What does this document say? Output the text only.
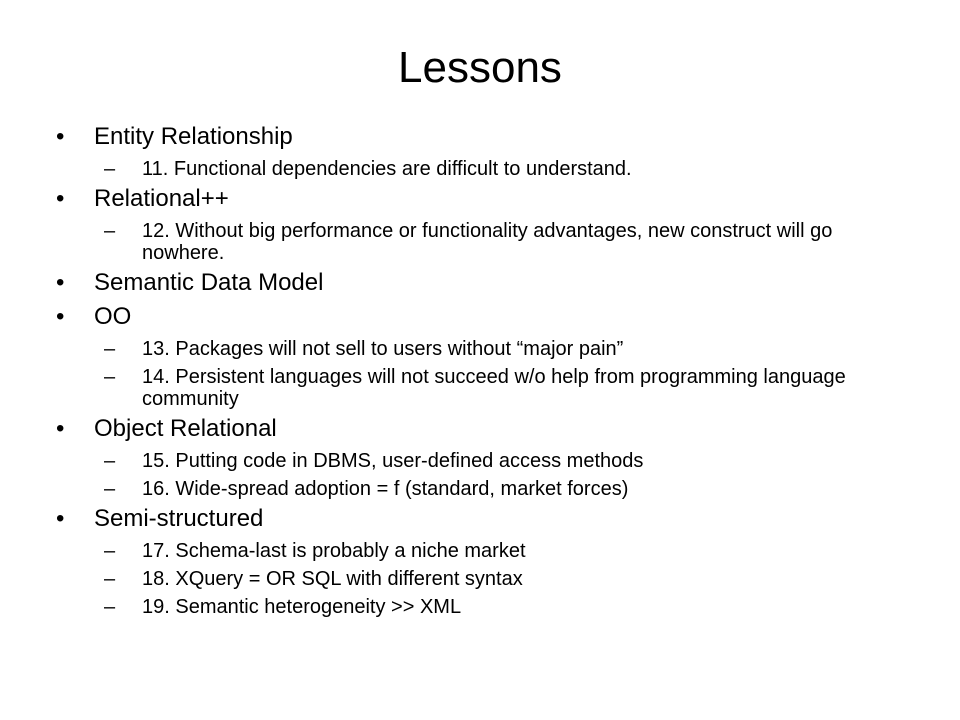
Lessons
• Entity Relationship
– 11. Functional dependencies are difficult to understand.
• Relational++
– 12. Without big performance or functionality advantages, new construct will go nowhere.
• Semantic Data Model
• OO
– 13. Packages will not sell to users without “major pain”
– 14. Persistent languages will not succeed w/o help from programming language community
• Object Relational
– 15. Putting code in DBMS, user-defined access methods
– 16. Wide-spread adoption = f (standard, market forces)
• Semi-structured
– 17. Schema-last is probably a niche market
– 18. XQuery = OR SQL with different syntax
– 19. Semantic heterogeneity >> XML
